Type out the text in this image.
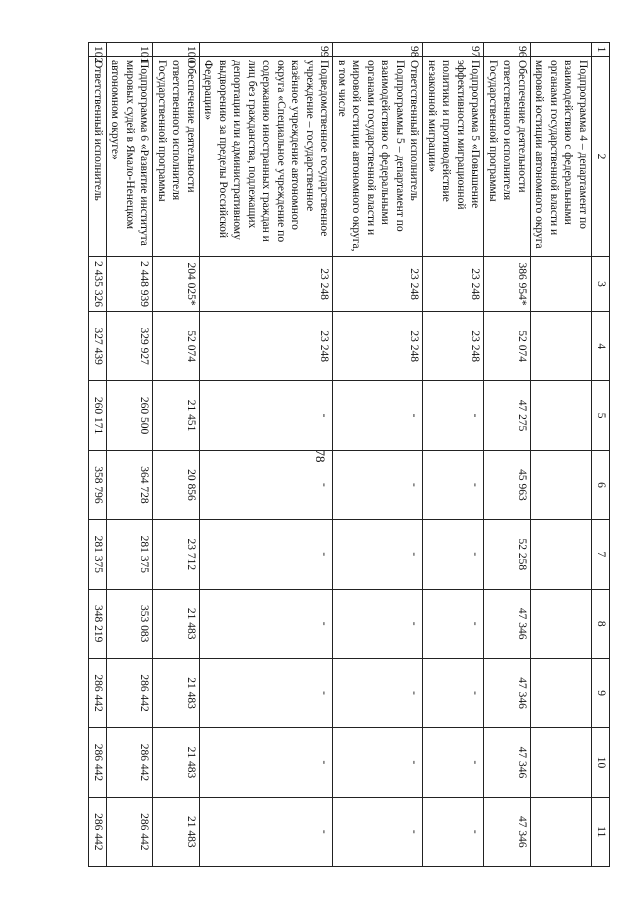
78
1	2	3	4	5	6	7	8	9	10	11
	Подпрограмма 4 – департамент по взаимодействию с федеральными органами государственной власти и мировой юстиции автономного округа									
96	Обеспечение деятельности ответственного исполнителя Государственной программы	386 954*	52 074	47 275	45 963	52 258	47 346	47 346	47 346	47 346
97	Подпрограмма 5 «Повышение эффективности миграционной политики и противодействие незаконной миграции»	23 248	23 248	-	-	-	-	-	-	-
98	Ответственный исполнитель Подпрограммы 5 – департамент по взаимодействию с федеральными органами государственной власти и мировой юстиции автономного округа, в том числе	23 248	23 248	-	-	-	-	-	-	-
99	Подведомственное государственное учреждение – государственное казённое учреждение автономного округа «Специальное учреждение по содержанию иностранных граждан и лиц без гражданства, подлежащих депортации или административному выдворению за пределы Российской Федерации»	23 248	23 248	-	-	-	-	-	-	-
100	Обеспечение деятельности ответственного исполнителя Государственной программы	204 025*	52 074	21 451	20 856	23 712	21 483	21 483	21 483	21 483
101	Подпрограмма 6 «Развитие института мировых судей в Ямало-Ненецком автономном округе»	2 448 939	329 927	260 500	364 728	281 375	353 083	286 442	286 442	286 442
102	Ответственный исполнитель	2 435 326	327 439	260 171	358 796	281 375	348 219	286 442	286 442	286 442
